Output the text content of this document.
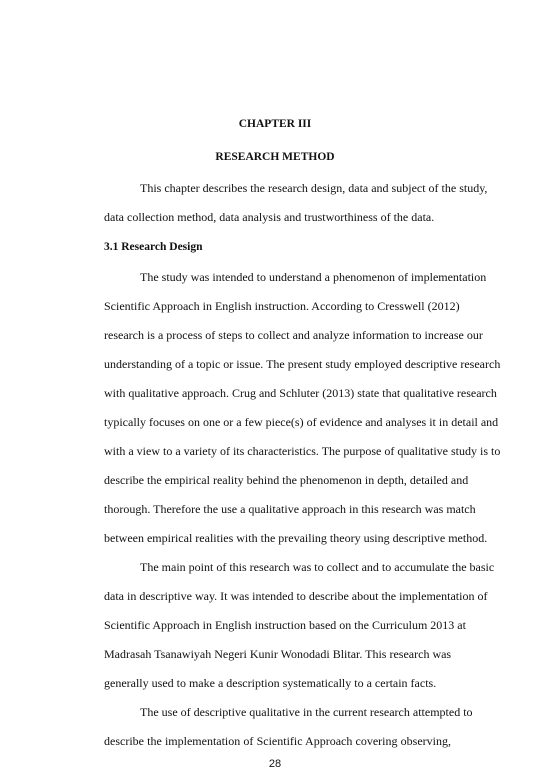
CHAPTER III
RESEARCH METHOD

This chapter describes the research design, data and subject of the study,

data collection method, data analysis and trustworthiness of the data.

3.1 Research Design

The study was intended to understand a phenomenon of implementation

Scientific Approach in English instruction. According to Cresswell (2012)

research is a process of steps to collect and analyze information to increase our

understanding of a topic or issue. The present study employed descriptive research

with qualitative approach. Crug and Schluter (2013) state that qualitative research

typically focuses on one or a few piece(s) of evidence and analyses it in detail and

with a view to a variety of its characteristics. The purpose of qualitative study is to

describe the empirical reality behind the phenomenon in depth, detailed and

thorough. Therefore the use a qualitative approach in this research was match

between empirical realities with the prevailing theory using descriptive method.

The main point of this research was to collect and to accumulate the basic

data in descriptive way. It was intended to describe about the implementation of

Scientific Approach in English instruction based on the Curriculum 2013 at

Madrasah Tsanawiyah Negeri Kunir Wonodadi Blitar. This research was

generally used to make a description systematically to a certain facts.

The use of descriptive qualitative in the current research attempted to

describe the implementation of Scientific Approach covering observing,

28
